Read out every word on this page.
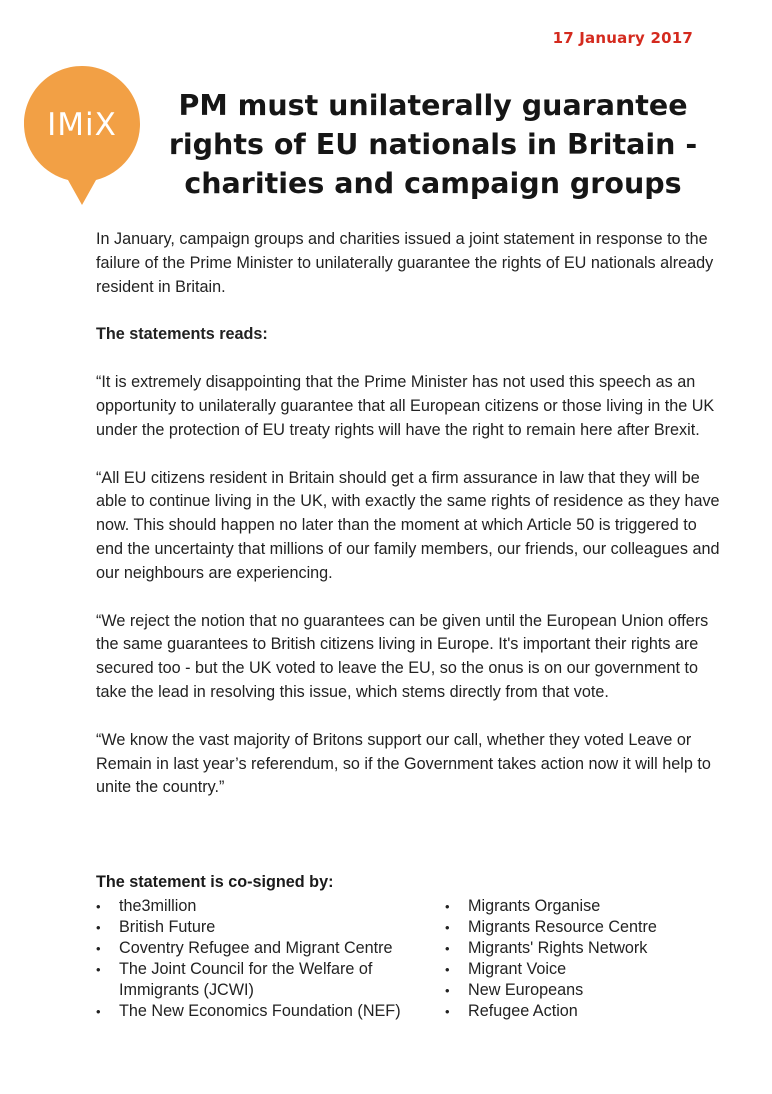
17 January 2017
IMiX
PM must unilaterally guarantee rights of EU nationals in Britain - charities and campaign groups

In January, campaign groups and charities issued a joint statement in response to the failure of the Prime Minister to unilaterally guarantee the rights of EU nationals already resident in Britain.

The statements reads:

“It is extremely disappointing that the Prime Minister has not used this speech as an opportunity to unilaterally guarantee that all European citizens or those living in the UK under the protection of EU treaty rights will have the right to remain here after Brexit.

“All EU citizens resident in Britain should get a firm assurance in law that they will be able to continue living in the UK, with exactly the same rights of residence as they have now. This should happen no later than the moment at which Article 50 is triggered to end the uncertainty that millions of our family members, our friends, our colleagues and our neighbours are experiencing.

“We reject the notion that no guarantees can be given until the European Union offers the same guarantees to British citizens living in Europe. It's important their rights are secured too - but the UK voted to leave the EU, so the onus is on our government to take the lead in resolving this issue, which stems directly from that vote.

“We know the vast majority of Britons support our call, whether they voted Leave or Remain in last year’s referendum, so if the Government takes action now it will help to unite the country.”

The statement is co-signed by:
• the3million
• British Future
• Coventry Refugee and Migrant Centre
• The Joint Council for the Welfare of Immigrants (JCWI)
• The New Economics Foundation (NEF)
• Migrants Organise
• Migrants Resource Centre
• Migrants' Rights Network
• Migrant Voice
• New Europeans
• Refugee Action
